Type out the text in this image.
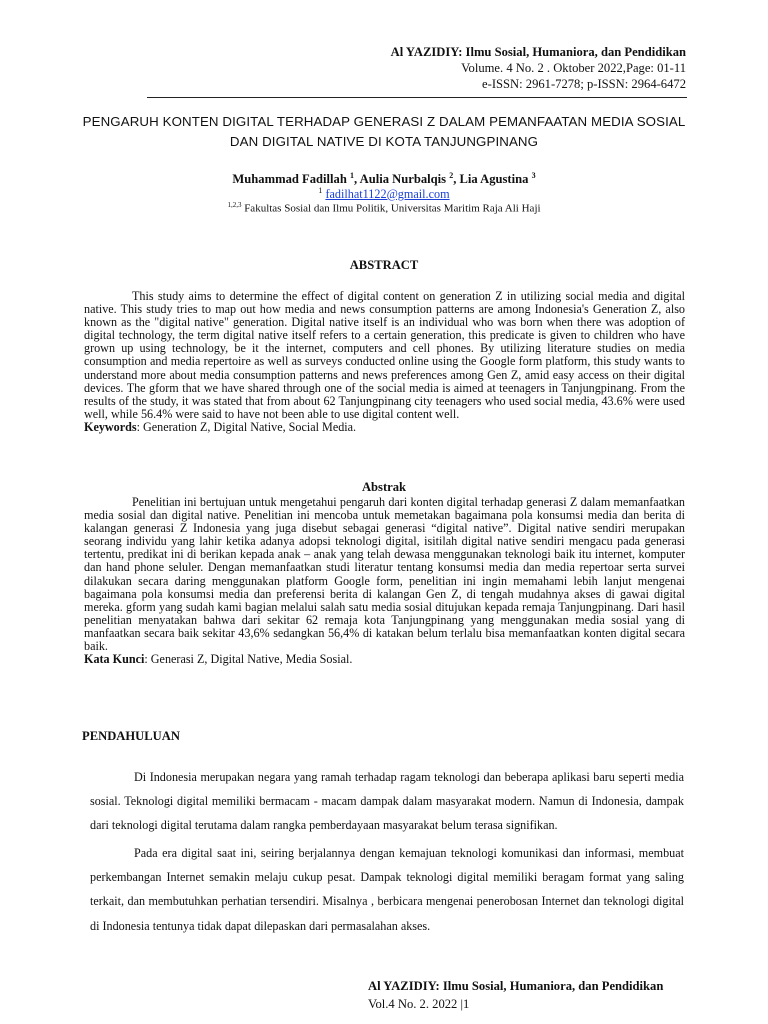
Al YAZIDIY: Ilmu Sosial, Humaniora, dan Pendidikan
Volume. 4 No. 2 . Oktober 2022,Page: 01-11
e-ISSN: 2961-7278; p-ISSN: 2964-6472
PENGARUH KONTEN DIGITAL TERHADAP GENERASI Z DALAM PEMANFAATAN MEDIA SOSIAL
DAN DIGITAL NATIVE DI KOTA TANJUNGPINANG
Muhammad Fadillah $^1$, Aulia Nurbalqis $^2$, Lia Agustina $^3$
$^1$ fadilhat1122@gmail.com
$^{1,2,3}$ Fakultas Sosial dan Ilmu Politik, Universitas Maritim Raja Ali Haji
ABSTRACT

This study aims to determine the effect of digital content on generation Z in utilizing social media and digital native. This study tries to map out how media and news consumption patterns are among Indonesia's Generation Z, also known as the "digital native" generation. Digital native itself is an individual who was born when there was adoption of digital technology, the term digital native itself refers to a certain generation, this predicate is given to children who have grown up using technology, be it the internet, computers and cell phones. By utilizing literature studies on media consumption and media repertoire as well as surveys conducted online using the Google form platform, this study wants to understand more about media consumption patterns and news preferences among Gen Z, amid easy access on their digital devices. The gform that we have shared through one of the social media is aimed at teenagers in Tanjungpinang. From the results of the study, it was stated that from about 62 Tanjungpinang city teenagers who used social media, 43.6% were used well, while 56.4% were said to have not been able to use digital content well.

Keywords: Generation Z, Digital Native, Social Media.
Abstrak

Penelitian ini bertujuan untuk mengetahui pengaruh dari konten digital terhadap generasi Z dalam memanfaatkan media sosial dan digital native. Penelitian ini mencoba untuk memetakan bagaimana pola konsumsi media dan berita di kalangan generasi Z Indonesia yang juga disebut sebagai generasi “digital native”. Digital native sendiri merupakan seorang individu yang lahir ketika adanya adopsi teknologi digital, isitilah digital native sendiri mengacu pada generasi tertentu, predikat ini di berikan kepada anak – anak yang telah dewasa menggunakan teknologi baik itu internet, komputer dan hand phone seluler. Dengan memanfaatkan studi literatur tentang konsumsi media dan media repertoar serta survei dilakukan secara daring menggunakan platform Google form, penelitian ini ingin memahami lebih lanjut mengenai bagaimana pola konsumsi media dan preferensi berita di kalangan Gen Z, di tengah mudahnya akses di gawai digital mereka. gform yang sudah kami bagian melalui salah satu media sosial ditujukan kepada remaja Tanjungpinang. Dari hasil penelitian menyatakan bahwa dari sekitar 62 remaja kota Tanjungpinang yang menggunakan media sosial yang di manfaatkan secara baik sekitar 43,6% sedangkan 56,4% di katakan belum terlalu bisa memanfaatkan konten digital secara baik.

Kata Kunci: Generasi Z, Digital Native, Media Sosial.
PENDAHULUAN

Di Indonesia merupakan negara yang ramah terhadap ragam teknologi dan beberapa aplikasi baru seperti media sosial. Teknologi digital memiliki bermacam - macam dampak dalam masyarakat modern. Namun di Indonesia, dampak dari teknologi digital terutama dalam rangka pemberdayaan masyarakat belum terasa signifikan.

Pada era digital saat ini, seiring berjalannya dengan kemajuan teknologi komunikasi dan informasi, membuat perkembangan Internet semakin melaju cukup pesat. Dampak teknologi digital memiliki beragam format yang saling terkait, dan membutuhkan perhatian tersendiri. Misalnya , berbicara mengenai penerobosan Internet dan teknologi digital di Indonesia tentunya tidak dapat dilepaskan dari permasalahan akses.

Al YAZIDIY: Ilmu Sosial, Humaniora, dan Pendidikan
Vol.4 No. 2. 2022 |1
